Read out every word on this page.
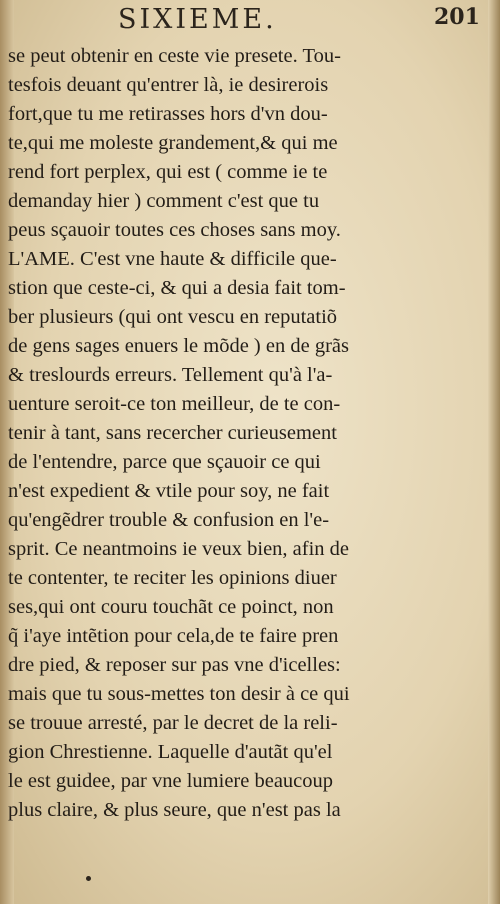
SIXIEME.	201
se peut obtenir en ceste vie presete. Tou-
tesfois deuant qu'entrer là, ie desirerois
fort,que tu me retirasses hors d'vn dou-
te,qui me moleste grandement,& qui me
rend fort perplex, qui est ( comme ie te
demanday hier ) comment c'est que tu
peus sçauoir toutes ces choses sans moy.
L'AME. C'est vne haute & difficile que-
stion que ceste-ci, & qui a desia fait tom-
ber plusieurs (qui ont vescu en reputatiõ
de gens sages enuers le mõde ) en de grãs
& treslourds erreurs. Tellement qu'à l'a-
uenture seroit-ce ton meilleur, de te con-
tenir à tant, sans recercher curieusement
de l'entendre, parce que sçauoir ce qui
n'est expedient & vtile pour soy, ne fait
qu'engẽdrer trouble & confusion en l'e-
sprit. Ce neantmoins ie veux bien, afin de
te contenter, te reciter les opinions diuer
ses,qui ont couru touchãt ce poinct, non
q̃ i'aye intẽtion pour cela,de te faire pren
dre pied, & reposer sur pas vne d'icelles:
mais que tu sous-mettes ton desir à ce qui
se trouue arresté, par le decret de la reli-
gion Chrestienne. Laquelle d'autãt qu'el
le est guidee, par vne lumiere beaucoup
plus claire, & plus seure, que n'est pas la
